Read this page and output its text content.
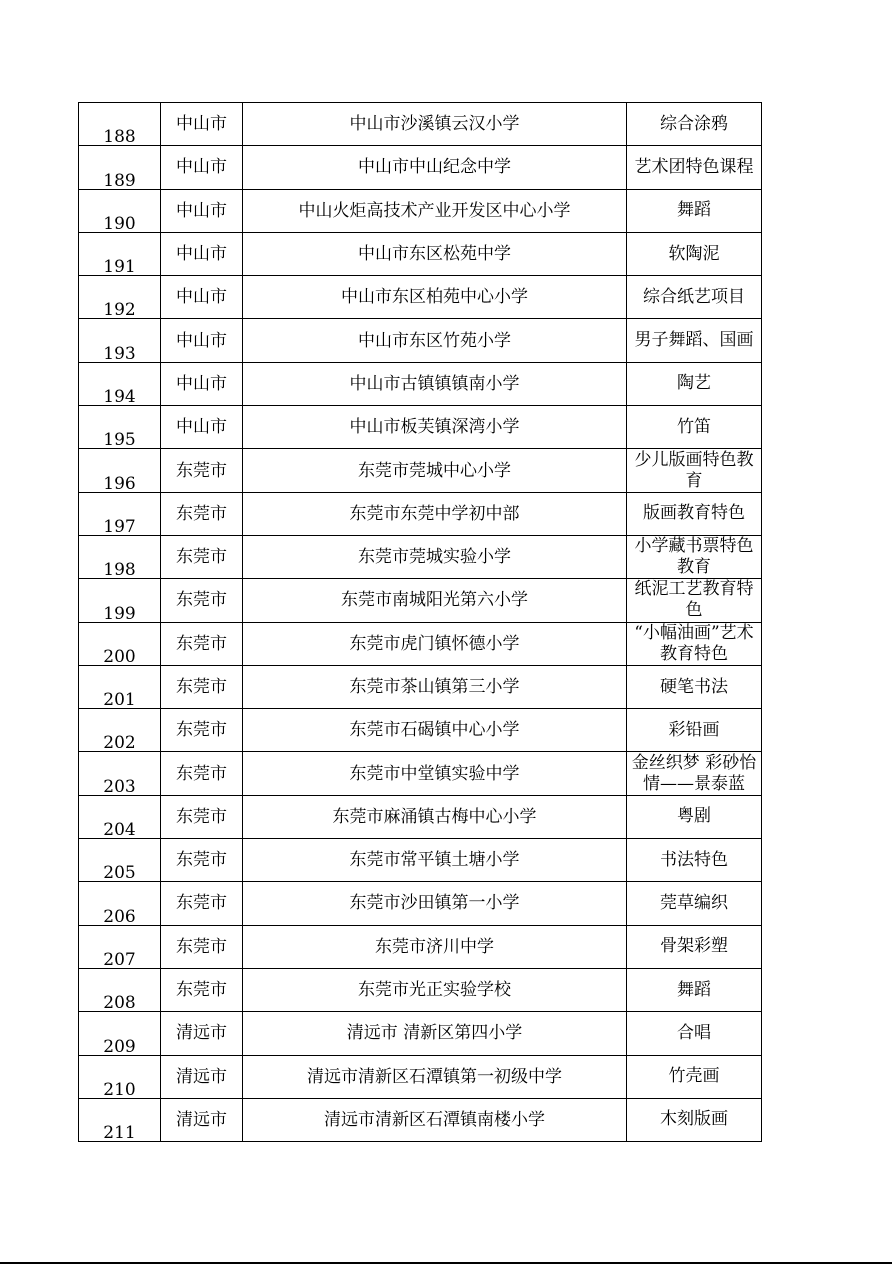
188	中山市	中山市沙溪镇云汉小学	综合涂鸦

189	中山市	中山市中山纪念中学	艺术团特色课程

190	中山市	中山火炬高技术产业开发区中心小学	舞蹈

191	中山市	中山市东区松苑中学	软陶泥

192	中山市	中山市东区柏苑中心小学	综合纸艺项目

193	中山市	中山市东区竹苑小学	男子舞蹈、国画

194	中山市	中山市古镇镇镇南小学	陶艺

195	中山市	中山市板芙镇深湾小学	竹笛

196	东莞市	东莞市莞城中心小学	少儿版画特色教育

197	东莞市	东莞市东莞中学初中部	版画教育特色

198	东莞市	东莞市莞城实验小学	小学藏书票特色教育

199	东莞市	东莞市南城阳光第六小学	纸泥工艺教育特色

200	东莞市	东莞市虎门镇怀德小学	“小幅油画”艺术教育特色

201	东莞市	东莞市茶山镇第三小学	硬笔书法

202	东莞市	东莞市石碣镇中心小学	彩铅画

203	东莞市	东莞市中堂镇实验中学	金丝织梦 彩砂怡情——景泰蓝

204	东莞市	东莞市麻涌镇古梅中心小学	粤剧

205	东莞市	东莞市常平镇土塘小学	书法特色

206	东莞市	东莞市沙田镇第一小学	莞草编织

207	东莞市	东莞市济川中学	骨架彩塑

208	东莞市	东莞市光正实验学校	舞蹈

209	清远市	清远市 清新区第四小学	合唱

210	清远市	清远市清新区石潭镇第一初级中学	竹壳画

211	清远市	清远市清新区石潭镇南楼小学	木刻版画
